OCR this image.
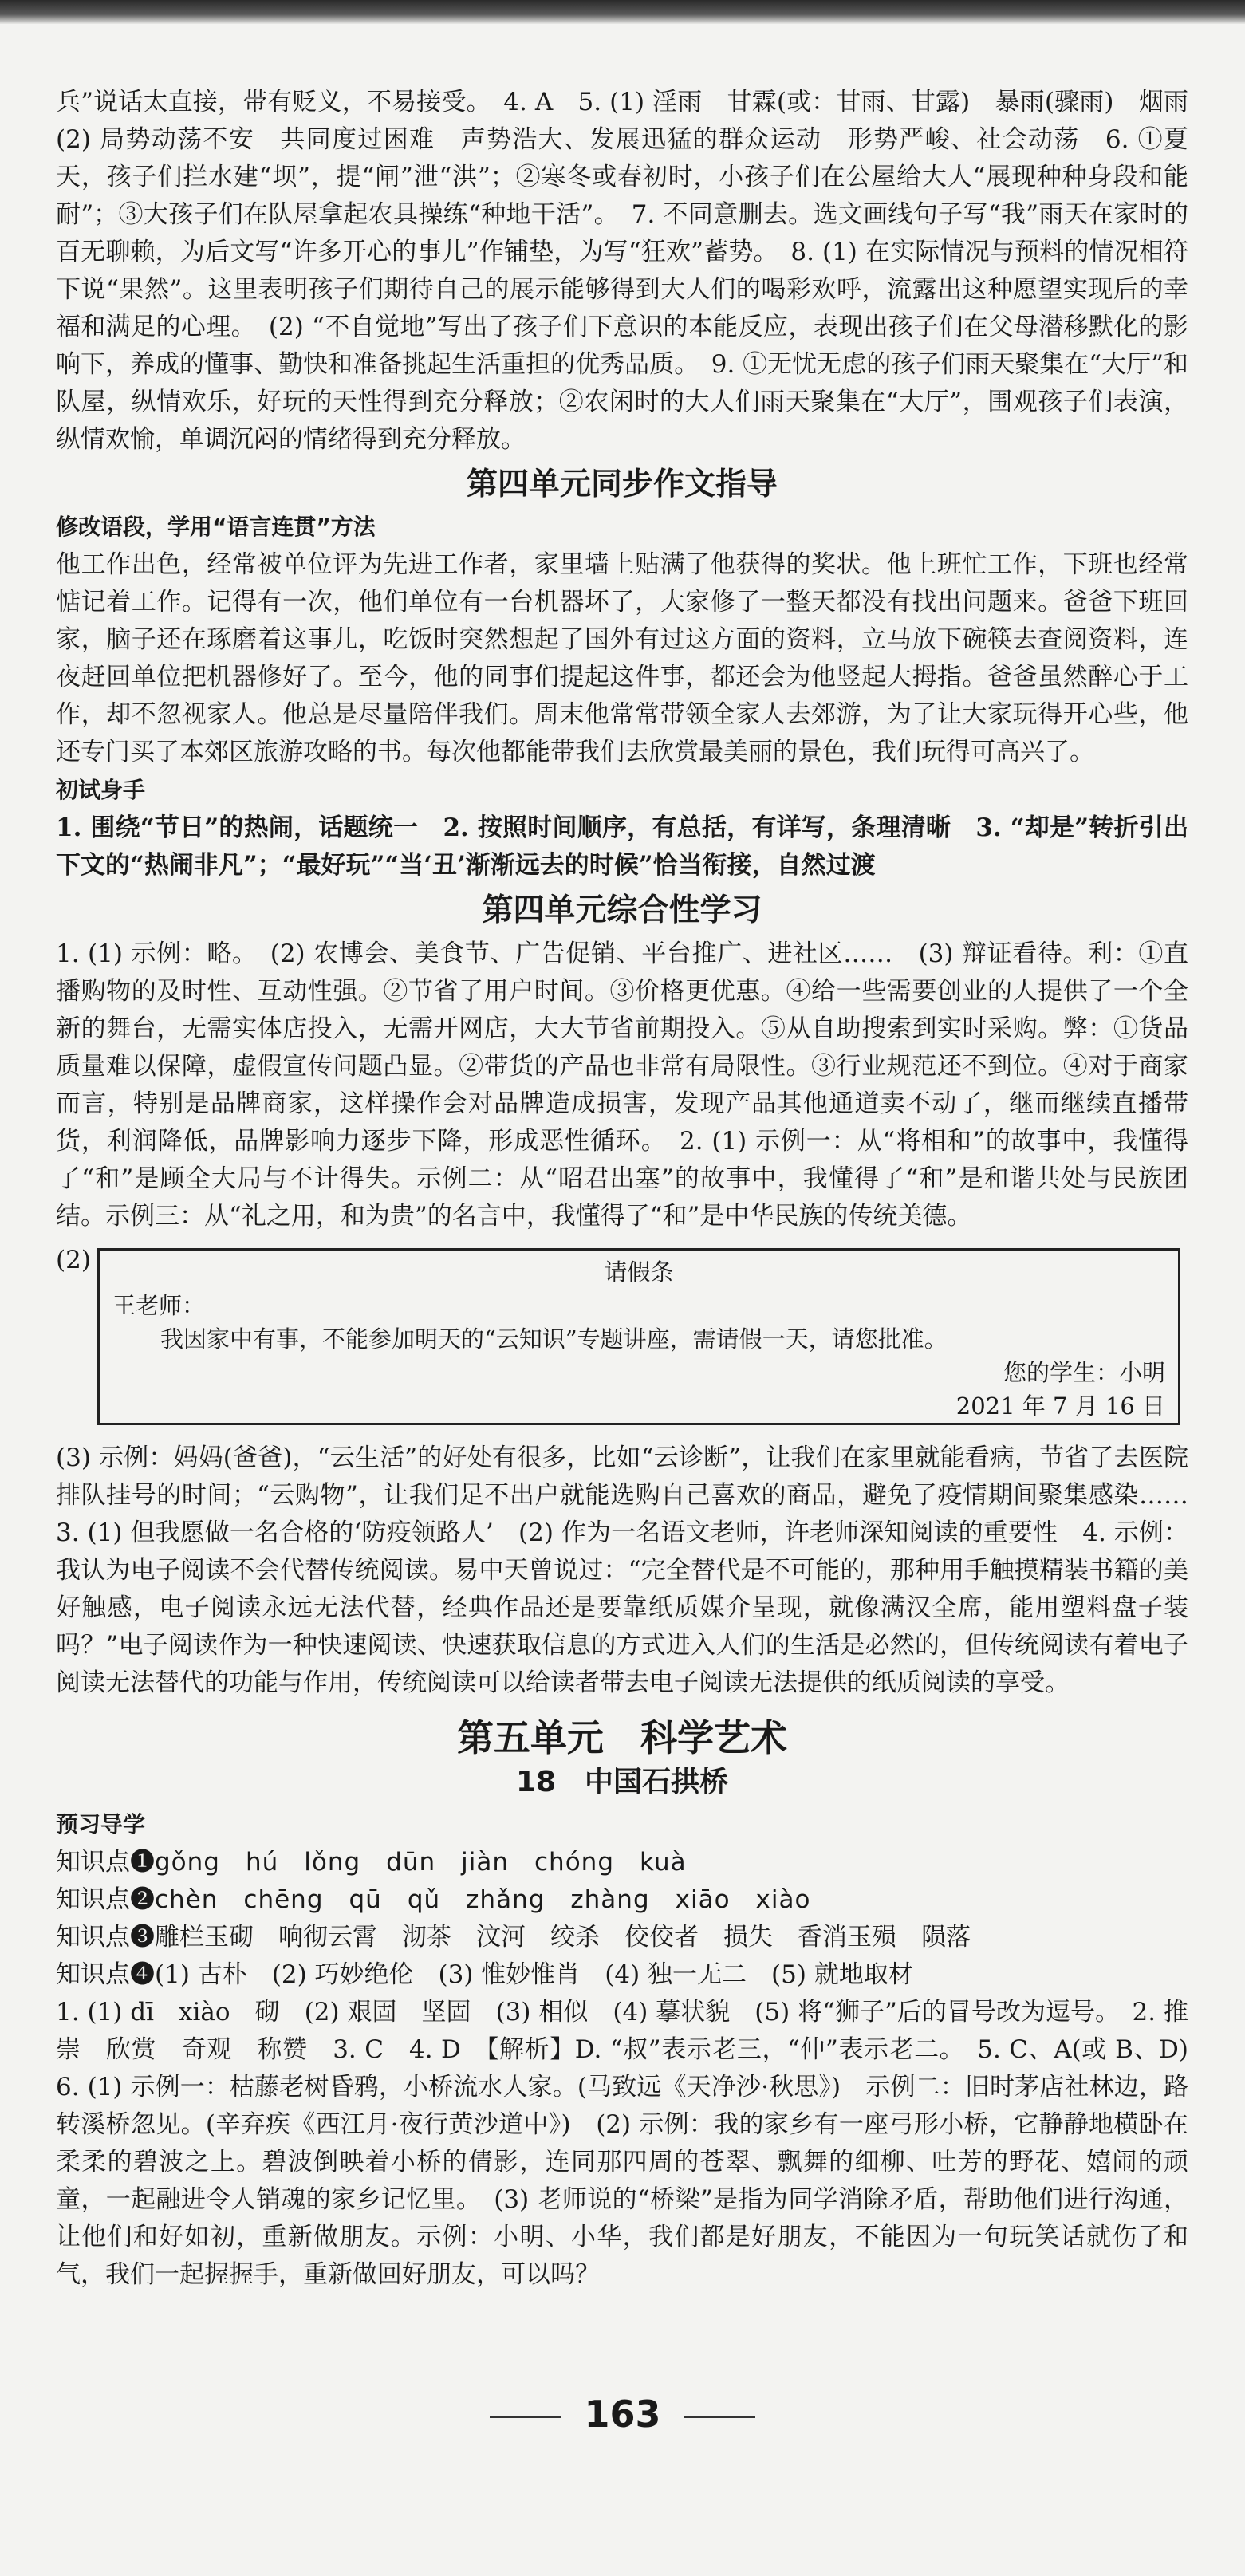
兵”说话太直接，带有贬义，不易接受。　4. A　5. (1) 淫雨　甘霖(或：甘雨、甘露)　暴雨(骤雨)　烟雨　(2) 局势动荡不安　共同度过困难　声势浩大、发展迅猛的群众运动　形势严峻、社会动荡　6. ①夏天，孩子们拦水建“坝”，提“闸”泄“洪”；②寒冬或春初时，小孩子们在公屋给大人“展现种种身段和能耐”；③大孩子们在队屋拿起农具操练“种地干活”。　7. 不同意删去。选文画线句子写“我”雨天在家时的百无聊赖，为后文写“许多开心的事儿”作铺垫，为写“狂欢”蓄势。　8. (1) 在实际情况与预料的情况相符下说“果然”。这里表明孩子们期待自己的展示能够得到大人们的喝彩欢呼，流露出这种愿望实现后的幸福和满足的心理。　(2) “不自觉地”写出了孩子们下意识的本能反应，表现出孩子们在父母潜移默化的影响下，养成的懂事、勤快和准备挑起生活重担的优秀品质。　9. ①无忧无虑的孩子们雨天聚集在“大厅”和队屋，纵情欢乐，好玩的天性得到充分释放；②农闲时的大人们雨天聚集在“大厅”，围观孩子们表演，纵情欢愉，单调沉闷的情绪得到充分释放。

第四单元同步作文指导
修改语段，学用“语言连贯”方法

他工作出色，经常被单位评为先进工作者，家里墙上贴满了他获得的奖状。他上班忙工作，下班也经常惦记着工作。记得有一次，他们单位有一台机器坏了，大家修了一整天都没有找出问题来。爸爸下班回家，脑子还在琢磨着这事儿，吃饭时突然想起了国外有过这方面的资料，立马放下碗筷去查阅资料，连夜赶回单位把机器修好了。至今，他的同事们提起这件事，都还会为他竖起大拇指。爸爸虽然醉心于工作，却不忽视家人。他总是尽量陪伴我们。周末他常常带领全家人去郊游，为了让大家玩得开心些，他还专门买了本郊区旅游攻略的书。每次他都能带我们去欣赏最美丽的景色，我们玩得可高兴了。

初试身手

1. 围绕“节日”的热闹，话题统一　2. 按照时间顺序，有总括，有详写，条理清晰　3. “却是”转折引出下文的“热闹非凡”；“最好玩”“当‘丑’渐渐远去的时候”恰当衔接，自然过渡

第四单元综合性学习

1. (1) 示例：略。　(2) 农博会、美食节、广告促销、平台推广、进社区……　(3) 辩证看待。利：①直播购物的及时性、互动性强。②节省了用户时间。③价格更优惠。④给一些需要创业的人提供了一个全新的舞台，无需实体店投入，无需开网店，大大节省前期投入。⑤从自助搜索到实时采购。弊：①货品质量难以保障，虚假宣传问题凸显。②带货的产品也非常有局限性。③行业规范还不到位。④对于商家而言，特别是品牌商家，这样操作会对品牌造成损害，发现产品其他通道卖不动了，继而继续直播带货，利润降低，品牌影响力逐步下降，形成恶性循环。　2. (1) 示例一：从“将相和”的故事中，我懂得了“和”是顾全大局与不计得失。示例二：从“昭君出塞”的故事中，我懂得了“和”是和谐共处与民族团结。示例三：从“礼之用，和为贵”的名言中，我懂得了“和”是中华民族的传统美德。

(2)	请假条

王老师：

我因家中有事，不能参加明天的“云知识”专题讲座，需请假一天，请您批准。

您的学生：小明

2021 年 7 月 16 日

(3) 示例：妈妈(爸爸)，“云生活”的好处有很多，比如“云诊断”，让我们在家里就能看病，节省了去医院排队挂号的时间；“云购物”，让我们足不出户就能选购自己喜欢的商品，避免了疫情期间聚集感染……　3. (1) 但我愿做一名合格的‘防疫领路人’　(2) 作为一名语文老师，许老师深知阅读的重要性　4. 示例：我认为电子阅读不会代替传统阅读。易中天曾说过：“完全替代是不可能的，那种用手触摸精装书籍的美好触感，电子阅读永远无法代替，经典作品还是要靠纸质媒介呈现，就像满汉全席，能用塑料盘子装吗？”电子阅读作为一种快速阅读、快速获取信息的方式进入人们的生活是必然的，但传统阅读有着电子阅读无法替代的功能与作用，传统阅读可以给读者带去电子阅读无法提供的纸质阅读的享受。

第五单元　科学艺术
18　中国石拱桥
预习导学

知识点❶gǒng　hú　lǒng　dūn　jiàn　chóng　kuà

知识点❷chèn　chēng　qū　qǔ　zhǎng　zhàng　xiāo　xiào

知识点❸雕栏玉砌　响彻云霄　沏茶　汶河　绞杀　佼佼者　损失　香消玉殒　陨落

知识点❹(1) 古朴　(2) 巧妙绝伦　(3) 惟妙惟肖　(4) 独一无二　(5) 就地取材

1. (1) dī　xiào　砌　(2) 艰固　坚固　(3) 相似　(4) 摹状貌　(5) 将“狮子”后的冒号改为逗号。　2. 推崇　欣赏　奇观　称赞　3. C　4. D　【解析】D. “叔”表示老三，“仲”表示老二。　5. C、A(或 B、D)　6. (1) 示例一：枯藤老树昏鸦，小桥流水人家。(马致远《天净沙·秋思》)　示例二：旧时茅店社林边，路转溪桥忽见。(辛弃疾《西江月·夜行黄沙道中》)　(2) 示例：我的家乡有一座弓形小桥，它静静地横卧在柔柔的碧波之上。碧波倒映着小桥的倩影，连同那四周的苍翠、飘舞的细柳、吐芳的野花、嬉闹的顽童，一起融进令人销魂的家乡记忆里。　(3) 老师说的“桥梁”是指为同学消除矛盾，帮助他们进行沟通，让他们和好如初，重新做朋友。示例：小明、小华，我们都是好朋友，不能因为一句玩笑话就伤了和气，我们一起握握手，重新做回好朋友，可以吗？

163
